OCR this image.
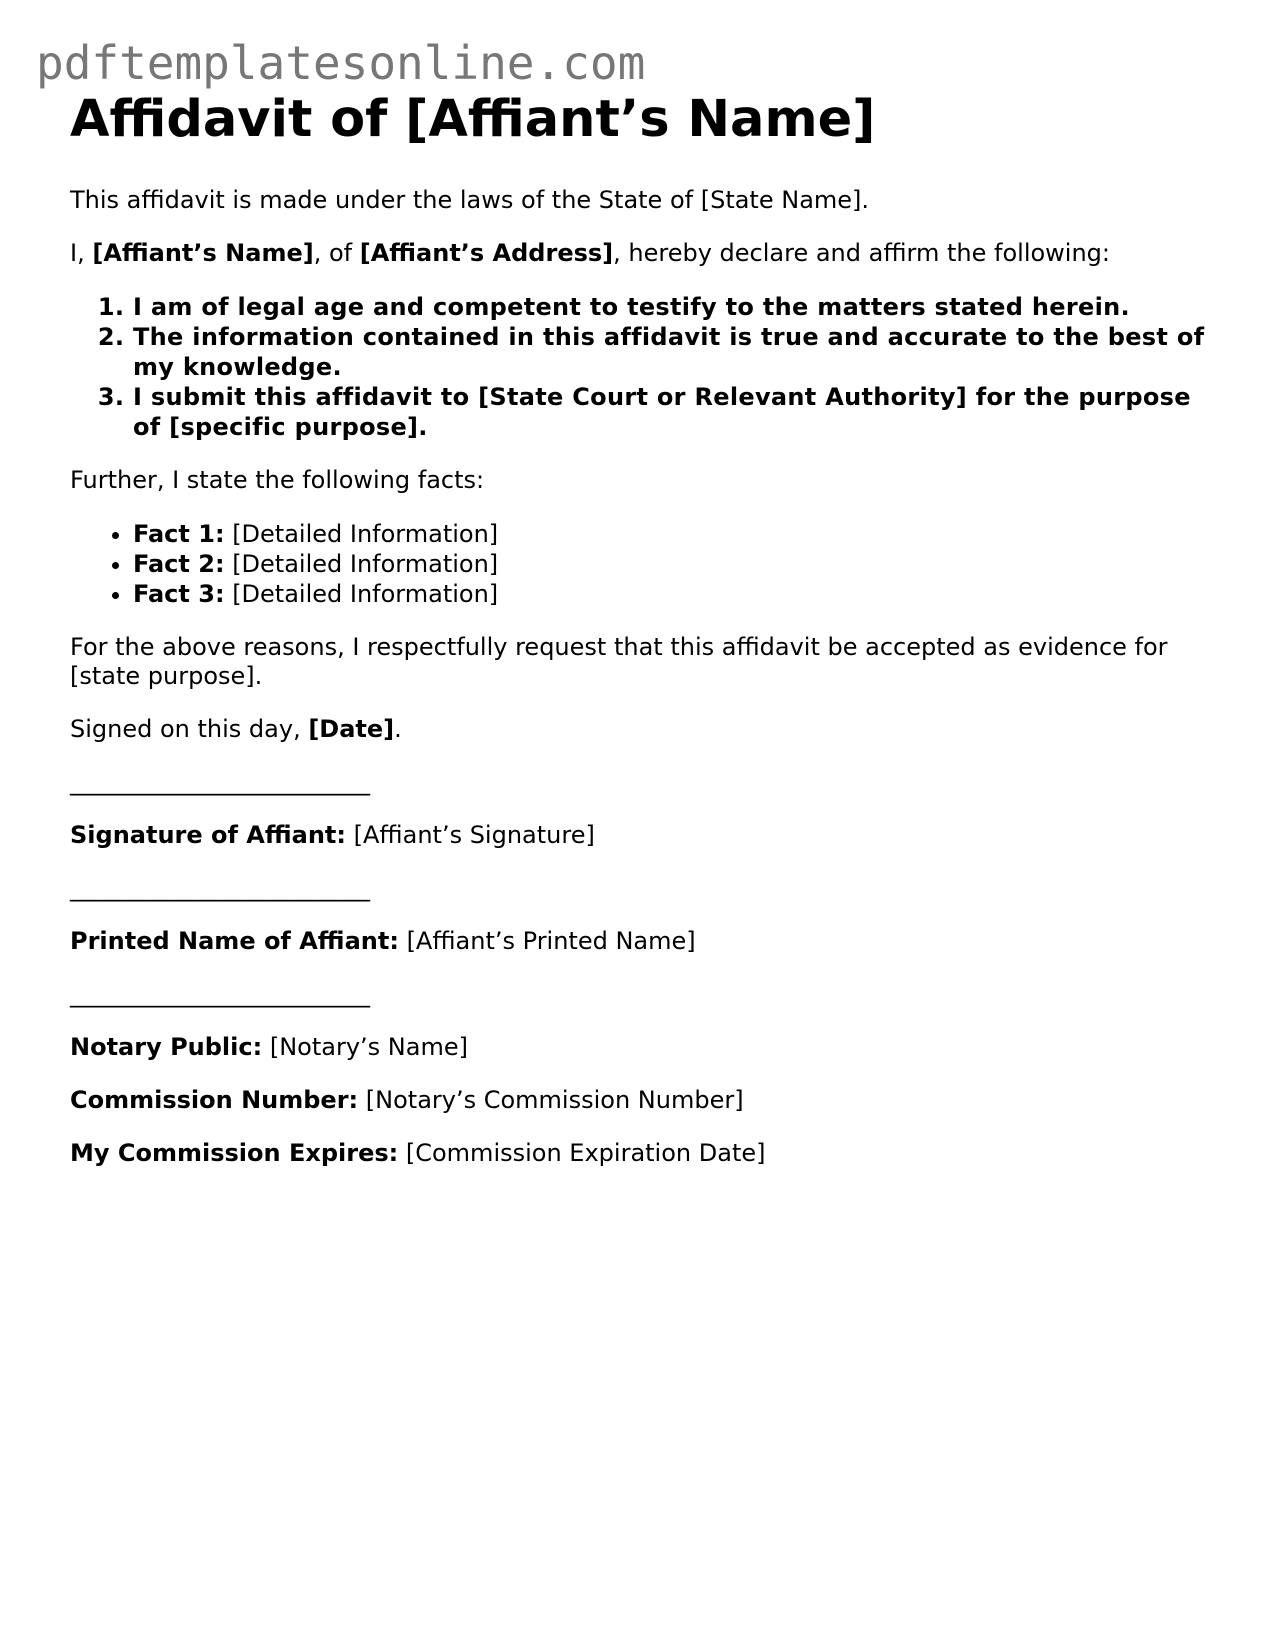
pdftemplatesonline.com
Affidavit of [Affiant’s Name]

This affidavit is made under the laws of the State of [State Name].

I, [Affiant’s Name], of [Affiant’s Address], hereby declare and affirm the following:

1. I am of legal age and competent to testify to the matters stated herein.
2. The information contained in this affidavit is true and accurate to the best of my knowledge.
3. I submit this affidavit to [State Court or Relevant Authority] for the purpose of [specific purpose].

Further, I state the following facts:

• Fact 1: [Detailed Information]
• Fact 2: [Detailed Information]
• Fact 3: [Detailed Information]

For the above reasons, I respectfully request that this affidavit be accepted as evidence for [state purpose].

Signed on this day, [Date].

_________________________

Signature of Affiant: [Affiant’s Signature]

_________________________

Printed Name of Affiant: [Affiant’s Printed Name]

_________________________

Notary Public: [Notary’s Name]

Commission Number: [Notary’s Commission Number]

My Commission Expires: [Commission Expiration Date]
